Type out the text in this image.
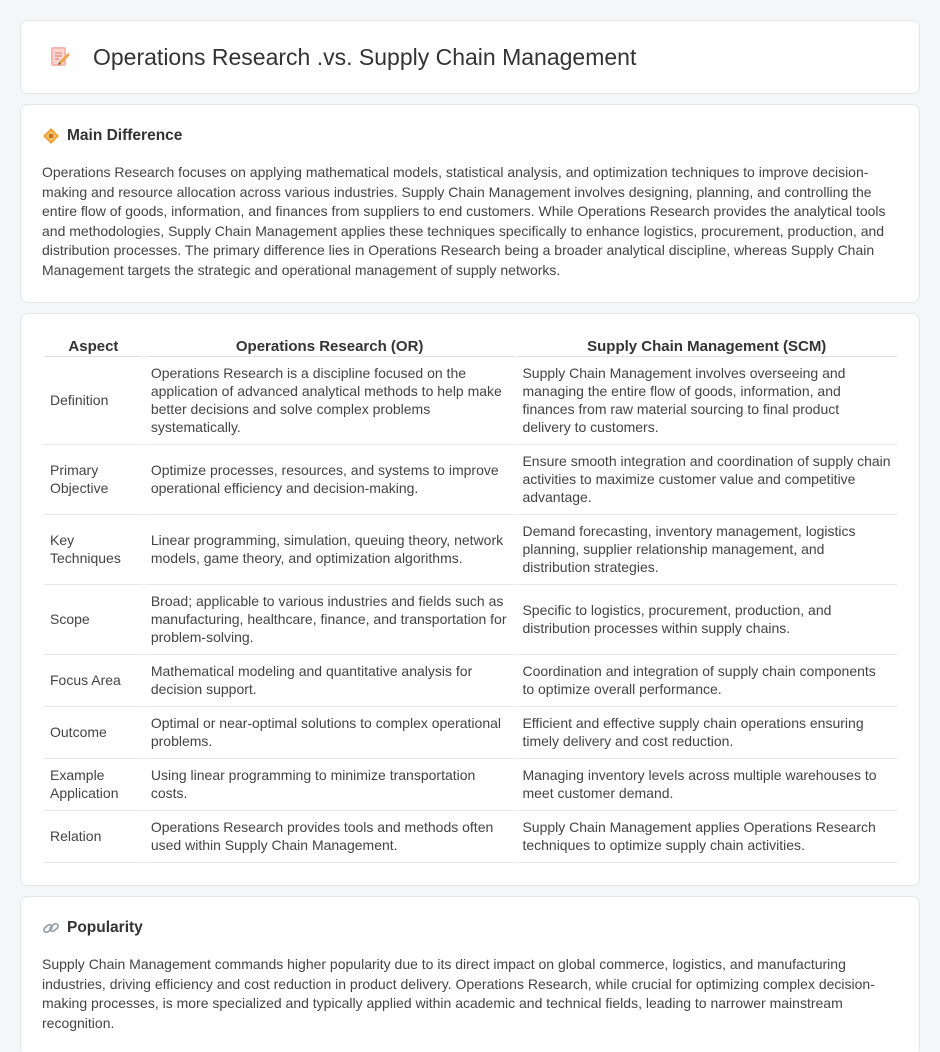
Operations Research .vs. Supply Chain Management
Main Difference

Operations Research focuses on applying mathematical models, statistical analysis, and optimization techniques to improve decision-making and resource allocation across various industries. Supply Chain Management involves designing, planning, and controlling the entire flow of goods, information, and finances from suppliers to end customers. While Operations Research provides the analytical tools and methodologies, Supply Chain Management applies these techniques specifically to enhance logistics, procurement, production, and distribution processes. The primary difference lies in Operations Research being a broader analytical discipline, whereas Supply Chain Management targets the strategic and operational management of supply networks.

Aspect	Operations Research (OR)	Supply Chain Management (SCM)
Definition	Operations Research is a discipline focused on the application of advanced analytical methods to help make better decisions and solve complex problems systematically.	Supply Chain Management involves overseeing and managing the entire flow of goods, information, and finances from raw material sourcing to final product delivery to customers.
Primary Objective	Optimize processes, resources, and systems to improve operational efficiency and decision-making.	Ensure smooth integration and coordination of supply chain activities to maximize customer value and competitive advantage.
Key Techniques	Linear programming, simulation, queuing theory, network models, game theory, and optimization algorithms.	Demand forecasting, inventory management, logistics planning, supplier relationship management, and distribution strategies.
Scope	Broad; applicable to various industries and fields such as manufacturing, healthcare, finance, and transportation for problem-solving.	Specific to logistics, procurement, production, and distribution processes within supply chains.
Focus Area	Mathematical modeling and quantitative analysis for decision support.	Coordination and integration of supply chain components to optimize overall performance.
Outcome	Optimal or near-optimal solutions to complex operational problems.	Efficient and effective supply chain operations ensuring timely delivery and cost reduction.
Example Application	Using linear programming to minimize transportation costs.	Managing inventory levels across multiple warehouses to meet customer demand.
Relation	Operations Research provides tools and methods often used within Supply Chain Management.	Supply Chain Management applies Operations Research techniques to optimize supply chain activities.
Popularity

Supply Chain Management commands higher popularity due to its direct impact on global commerce, logistics, and manufacturing industries, driving efficiency and cost reduction in product delivery. Operations Research, while crucial for optimizing complex decision-making processes, is more specialized and typically applied within academic and technical fields, leading to narrower mainstream recognition.
